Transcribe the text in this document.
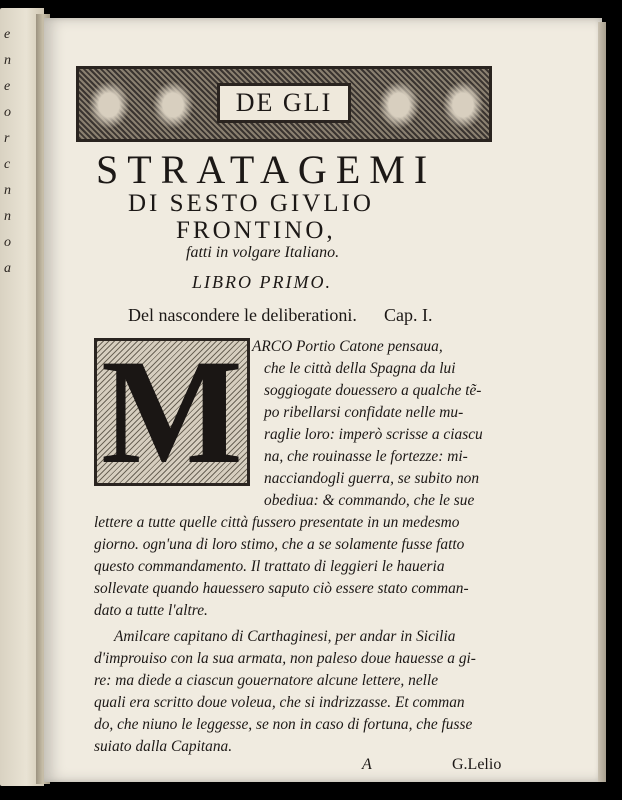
e
n
e
o
r
c
n
n
o
a
DE GLI
STRATAGEMI
DI SESTO GIVLIO
FRONTINO,
fatti in volgare Italiano.
LIBRO PRIMO.
Del nascondere le deliberationi. Cap. I.
M ARCO Portio Catone pensaua,
che le città della Spagna da lui
soggiogate douessero a qualche tẽ-
po ribellarsi confidate nelle mu-
raglie loro: imperò scrisse a ciascu
na, che rouinasse le fortezze: mi-
nacciandogli guerra, se subito non
obediua: & commando, che le sue
lettere a tutte quelle città fussero presentate in un medesmo
giorno. ogn'una di loro stimo, che a se solamente fusse fatto
questo commandamento. Il trattato di leggieri le haueria
sollevate quando hauessero saputo ciò essere stato comman-
dato a tutte l'altre.
Amilcare capitano di Carthaginesi, per andar in Sicilia
d'improuiso con la sua armata, non paleso doue hauesse a gi-
re: ma diede a ciascun gouernatore alcune lettere, nelle
quali era scritto doue voleua, che si indrizzasse. Et comman
do, che niuno le leggesse, se non in caso di fortuna, che fusse
suiato dalla Capitana.
A	G.Lelio
